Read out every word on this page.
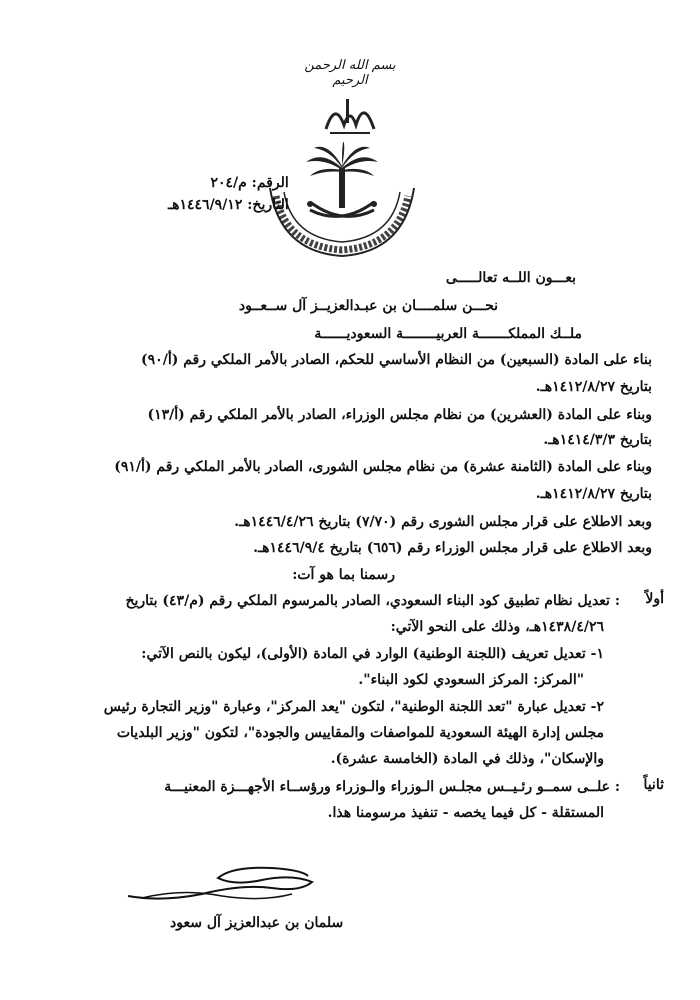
بسم الله الرحمن الرحيم
الرقم: م/٢٠٤
التاريخ: ١٤٤٦/٩/١٢هـ
بعـــون اللــه تعالـــــى
نحـــن سلمــــان بن عبـدالعزيــز آل ســعــود
ملــك المملكـــــــة العربيــــــــة السعوديــــــة
بناء على المادة (السبعين) من النظام الأساسي للحكم، الصادر بالأمر الملكي رقم (أ/٩٠)
بتاريخ ١٤١٢/٨/٢٧هـ.
وبناء على المادة (العشرين) من نظام مجلس الوزراء، الصادر بالأمر الملكي رقم (أ/١٣)
بتاريخ ١٤١٤/٣/٣هـ.
وبناء على المادة (الثامنة عشرة) من نظام مجلس الشورى، الصادر بالأمر الملكي رقم (أ/٩١)
بتاريخ ١٤١٢/٨/٢٧هـ.
وبعد الاطلاع على قرار مجلس الشورى رقم (٧/٧٠) بتاريخ ١٤٤٦/٤/٢٦هـ.
وبعد الاطلاع على قرار مجلس الوزراء رقم (٦٥٦) بتاريخ ١٤٤٦/٩/٤هـ.
رسمنا بما هو آت:
أولاً
: تعديل نظام تطبيق كود البناء السعودي، الصادر بالمرسوم الملكي رقم (م/٤٣) بتاريخ
١٤٣٨/٤/٢٦هـ، وذلك على النحو الآتي:
١- تعديل تعريف (اللجنة الوطنية) الوارد في المادة (الأولى)، ليكون بالنص الآتي:
"المركز: المركز السعودي لكود البناء".
٢- تعديل عبارة "تعد اللجنة الوطنية"، لتكون "يعد المركز"، وعبارة "وزير التجارة رئيس
مجلس إدارة الهيئة السعودية للمواصفات والمقاييس والجودة"، لتكون "وزير البلديات
والإسكان"، وذلك في المادة (الخامسة عشرة).
ثانياً
: علــى سمــو رئـيــس مجلـس الـوزراء والـوزراء ورؤســاء الأجهـــزة المعنيـــة
المستقلة - كل فيما يخصه - تنفيذ مرسومنا هذا.
سلمان بن عبدالعزيز آل سعود
